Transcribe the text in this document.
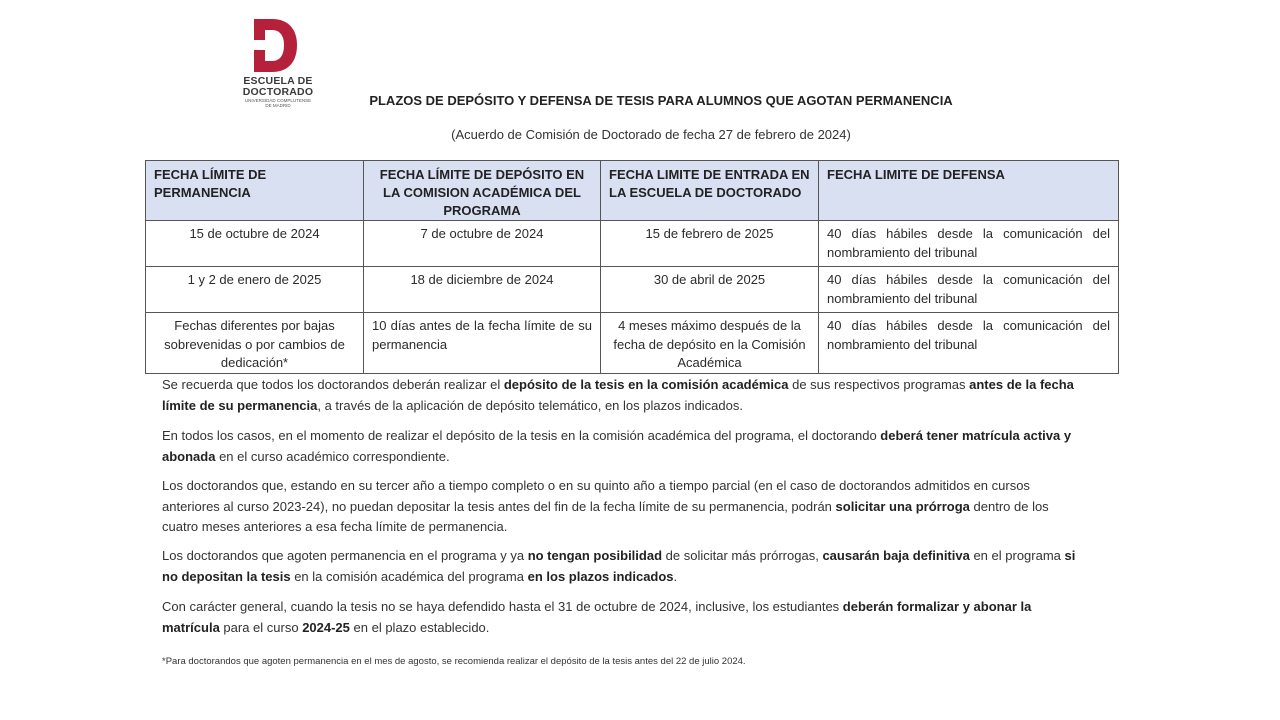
ESCUELA DE
DOCTORADO
UNIVERSIDAD COMPLUTENSE
DE MADRID	PLAZOS DE DEPÓSITO Y DEFENSA DE TESIS PARA ALUMNOS QUE AGOTAN PERMANENCIA
(Acuerdo de Comisión de Doctorado de fecha 27 de febrero de 2024)
FECHA LÍMITE DE PERMANENCIA	FECHA LÍMITE DE DEPÓSITO EN LA COMISION ACADÉMICA DEL PROGRAMA	FECHA LIMITE DE ENTRADA EN LA ESCUELA DE DOCTORADO	FECHA LIMITE DE DEFENSA
15 de octubre de 2024	7 de octubre de 2024	15 de febrero de 2025	40 días hábiles desde la comunicación del nombramiento del tribunal
1 y 2 de enero de 2025	18 de diciembre de 2024	30 de abril de 2025	40 días hábiles desde la comunicación del nombramiento del tribunal
Fechas diferentes por bajas sobrevenidas o por cambios de dedicación*	10 días antes de la fecha límite de su permanencia	4 meses máximo después de la fecha de depósito en la Comisión Académica	40 días hábiles desde la comunicación del nombramiento del tribunal

Se recuerda que todos los doctorandos deberán realizar el depósito de la tesis en la comisión académica de sus respectivos programas antes de la fecha límite de su permanencia, a través de la aplicación de depósito telemático, en los plazos indicados.

En todos los casos, en el momento de realizar el depósito de la tesis en la comisión académica del programa, el doctorando deberá tener matrícula activa y abonada en el curso académico correspondiente.

Los doctorandos que, estando en su tercer año a tiempo completo o en su quinto año a tiempo parcial (en el caso de doctorandos admitidos en cursos anteriores al curso 2023-24), no puedan depositar la tesis antes del fin de la fecha límite de su permanencia, podrán solicitar una prórroga dentro de los cuatro meses anteriores a esa fecha límite de permanencia.

Los doctorandos que agoten permanencia en el programa y ya no tengan posibilidad de solicitar más prórrogas, causarán baja definitiva en el programa si no depositan la tesis en la comisión académica del programa en los plazos indicados.

Con carácter general, cuando la tesis no se haya defendido hasta el 31 de octubre de 2024, inclusive, los estudiantes deberán formalizar y abonar la matrícula para el curso 2024-25 en el plazo establecido.

*Para doctorandos que agoten permanencia en el mes de agosto, se recomienda realizar el depósito de la tesis antes del 22 de julio 2024.
